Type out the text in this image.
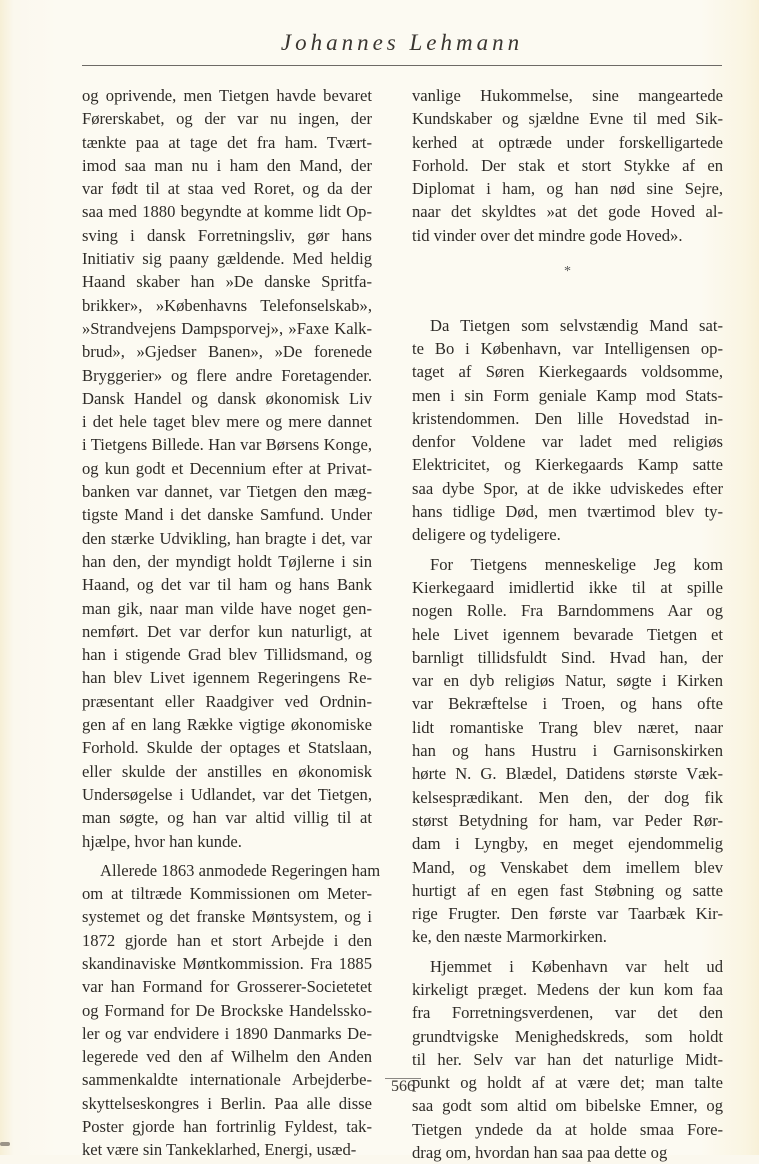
Johannes Lehmann

og oprivende, men Tietgen havde bevaret
Førerskabet, og der var nu ingen, der
tænkte paa at tage det fra ham. Tvært-
imod saa man nu i ham den Mand, der
var født til at staa ved Roret, og da der
saa med 1880 begyndte at komme lidt Op-
sving i dansk Forretningsliv, gør hans
Initiativ sig paany gældende. Med heldig
Haand skaber han »De danske Spritfa-
brikker», »Københavns Telefonselskab»,
»Strandvejens Dampsporvej», »Faxe Kalk-
brud», »Gjedser Banen», »De forenede
Bryggerier» og flere andre Foretagender.
Dansk Handel og dansk økonomisk Liv
i det hele taget blev mere og mere dannet
i Tietgens Billede. Han var Børsens Konge,
og kun godt et Decennium efter at Privat-
banken var dannet, var Tietgen den mæg-
tigste Mand i det danske Samfund. Under
den stærke Udvikling, han bragte i det, var
han den, der myndigt holdt Tøjlerne i sin
Haand, og det var til ham og hans Bank
man gik, naar man vilde have noget gen-
nemført. Det var derfor kun naturligt, at
han i stigende Grad blev Tillidsmand, og
han blev Livet igennem Regeringens Re-
præsentant eller Raadgiver ved Ordnin-
gen af en lang Række vigtige økonomiske
Forhold. Skulde der optages et Statslaan,
eller skulde der anstilles en økonomisk
Undersøgelse i Udlandet, var det Tietgen,
man søgte, og han var altid villig til at
hjælpe, hvor han kunde.

Allerede 1863 anmodede Regeringen ham
om at tiltræde Kommissionen om Meter-
systemet og det franske Møntsystem, og i
1872 gjorde han et stort Arbejde i den
skandinaviske Møntkommission. Fra 1885
var han Formand for Grosserer-Societetet
og Formand for De Brockske Handelssko-
ler og var endvidere i 1890 Danmarks De-
legerede ved den af Wilhelm den Anden
sammenkaldte internationale Arbejderbe-
skyttelseskongres i Berlin. Paa alle disse
Poster gjorde han fortrinlig Fyldest, tak-
ket være sin Tankeklarhed, Energi, usæd-

vanlige Hukommelse, sine mangeartede
Kundskaber og sjældne Evne til med Sik-
kerhed at optræde under forskelligartede
Forhold. Der stak et stort Stykke af en
Diplomat i ham, og han nød sine Sejre,
naar det skyldtes »at det gode Hoved al-
tid vinder over det mindre gode Hoved».

*

Da Tietgen som selvstændig Mand sat-
te Bo i København, var Intelligensen op-
taget af Søren Kierkegaards voldsomme,
men i sin Form geniale Kamp mod Stats-
kristendommen. Den lille Hovedstad in-
denfor Voldene var ladet med religiøs
Elektricitet, og Kierkegaards Kamp satte
saa dybe Spor, at de ikke udviskedes efter
hans tidlige Død, men tværtimod blev ty-
deligere og tydeligere.

For Tietgens menneskelige Jeg kom
Kierkegaard imidlertid ikke til at spille
nogen Rolle. Fra Barndommens Aar og
hele Livet igennem bevarade Tietgen et
barnligt tillidsfuldt Sind. Hvad han, der
var en dyb religiøs Natur, søgte i Kirken
var Bekræftelse i Troen, og hans ofte
lidt romantiske Trang blev næret, naar
han og hans Hustru i Garnisonskirken
hørte N. G. Blædel, Datidens største Væk-
kelsesprædikant. Men den, der dog fik
størst Betydning for ham, var Peder Rør-
dam i Lyngby, en meget ejendommelig
Mand, og Venskabet dem imellem blev
hurtigt af en egen fast Støbning og satte
rige Frugter. Den første var Taarbæk Kir-
ke, den næste Marmorkirken.

Hjemmet i København var helt ud
kirkeligt præget. Medens der kun kom faa
fra Forretningsverdenen, var det den
grundtvigske Menighedskreds, som holdt
til her. Selv var han det naturlige Midt-
punkt og holdt af at være det; man talte
saa godt som altid om bibelske Emner, og
Tietgen yndede da at holde smaa Fore-
drag om, hvordan han saa paa dette og

566
